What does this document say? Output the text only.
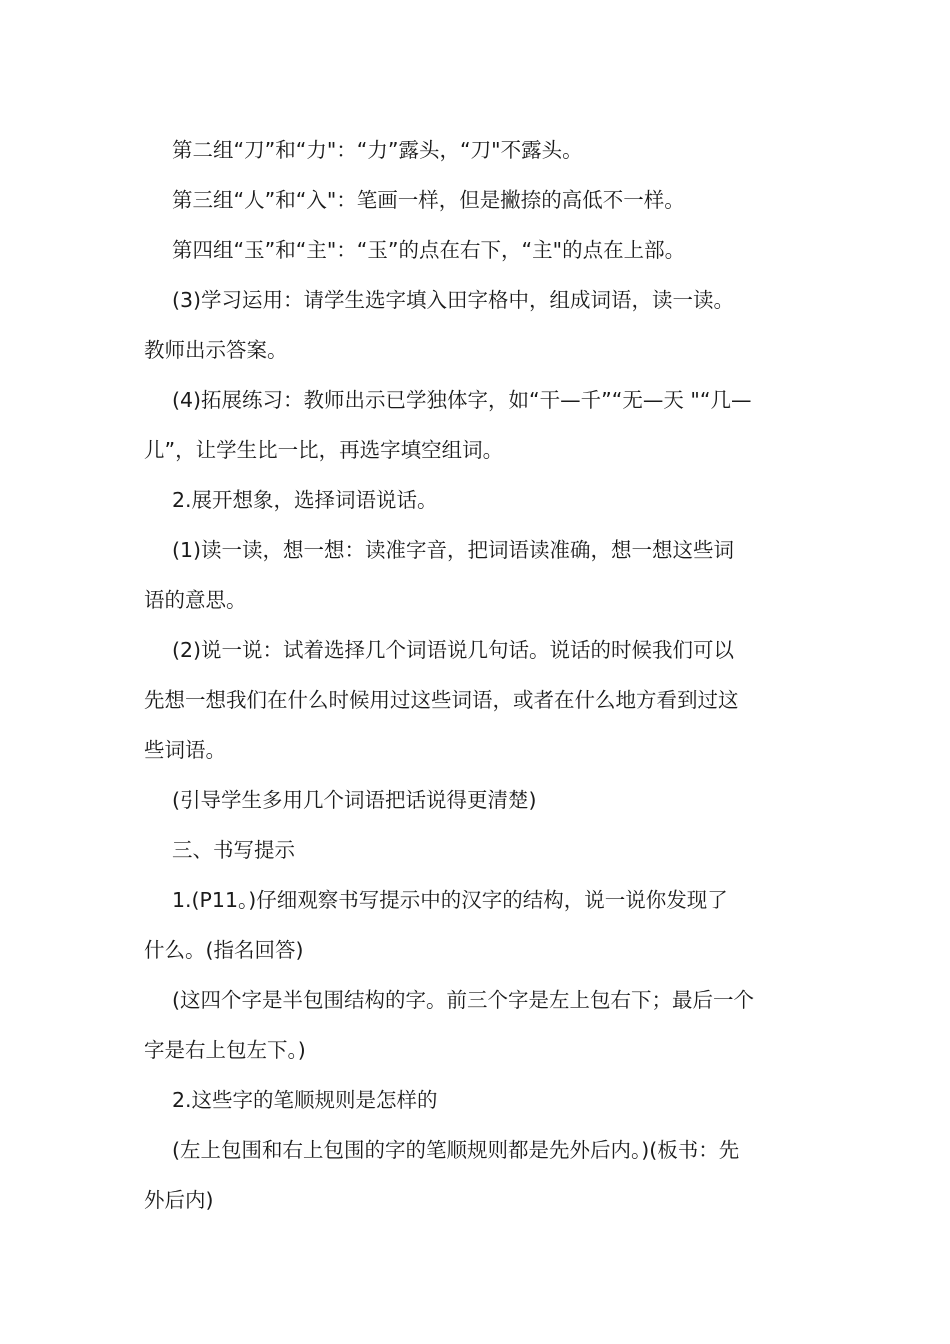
第二组“刀”和“力"：“力”露头，“刀"不露头。
第三组“人”和“入"：笔画一样，但是撇捺的高低不一样。
第四组“玉”和“主"：“玉”的点在右下，“主"的点在上部。
(3)学习运用：请学生选字填入田字格中，组成词语，读一读。
教师出示答案。
(4)拓展练习：教师出示已学独体字，如“干—千”“无—天 "“几—
儿”，让学生比一比，再选字填空组词。
2.展开想象，选择词语说话。
(1)读一读，想一想：读准字音，把词语读准确，想一想这些词
语的意思。
(2)说一说：试着选择几个词语说几句话。说话的时候我们可以
先想一想我们在什么时候用过这些词语，或者在什么地方看到过这
些词语。
(引导学生多用几个词语把话说得更清楚)
三、书写提示
1.(P11。)仔细观察书写提示中的汉字的结构，说一说你发现了
什么。(指名回答)
(这四个字是半包围结构的字。前三个字是左上包右下；最后一个
字是右上包左下。)
2.这些字的笔顺规则是怎样的
(左上包围和右上包围的字的笔顺规则都是先外后内。)(板书：先
外后内)
